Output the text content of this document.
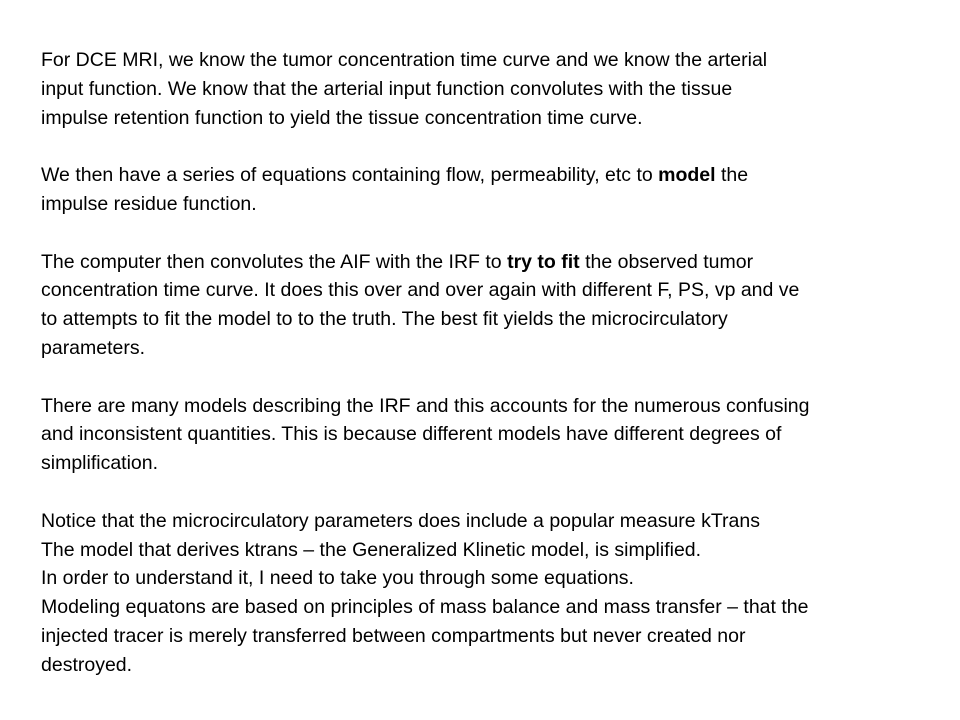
For DCE MRI, we know the tumor concentration time curve and we know the arterial
input function. We know that the arterial input function convolutes with the tissue
impulse retention function to yield the tissue concentration time curve.
We then have a series of equations containing flow, permeability, etc to model the
impulse residue function.
The computer then convolutes the AIF with the IRF to try to fit the observed tumor
concentration time curve. It does this over and over again with different F, PS, vp and ve
to attempts to fit the model to to the truth. The best fit yields the microcirculatory
parameters.
There are many models describing the IRF and this accounts for the numerous confusing
and inconsistent quantities. This is because different models have different degrees of
simplification.
Notice that the microcirculatory parameters does include a popular measure kTrans
The model that derives ktrans – the Generalized Klinetic model, is simplified.
In order to understand it, I need to take you through some equations.
Modeling equatons are based on principles of mass balance and mass transfer – that the
injected tracer is merely transferred between compartments but never created nor
destroyed.
